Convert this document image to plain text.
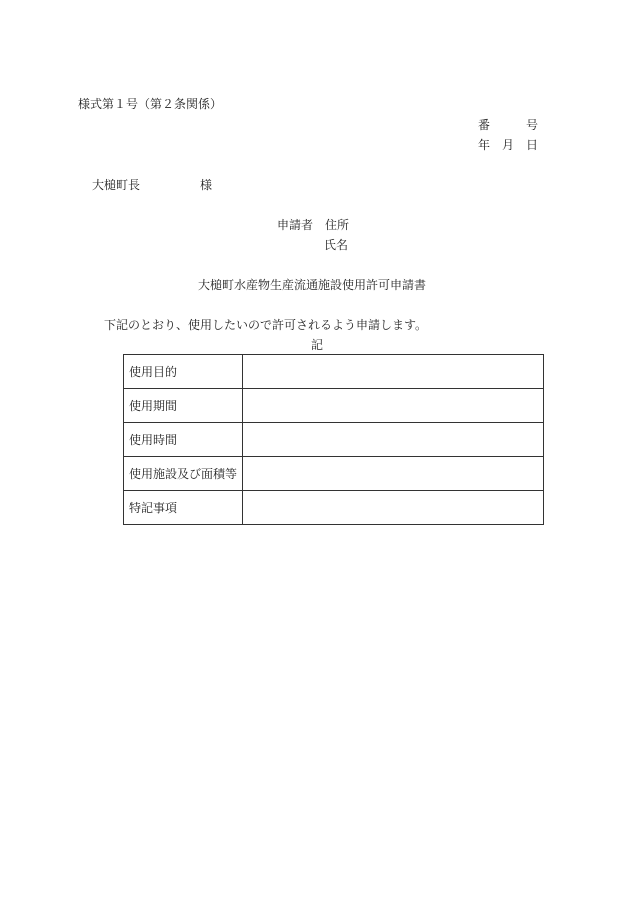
様式第１号（第２条関係）
番	号
年 月 日
大槌町長	様
申請者 住所
氏名
大槌町水産物生産流通施設使用許可申請書
下記のとおり、使用したいので許可されるよう申請します。
記
使用目的	
使用期間	
使用時間	
使用施設及び面積等	
特記事項	
